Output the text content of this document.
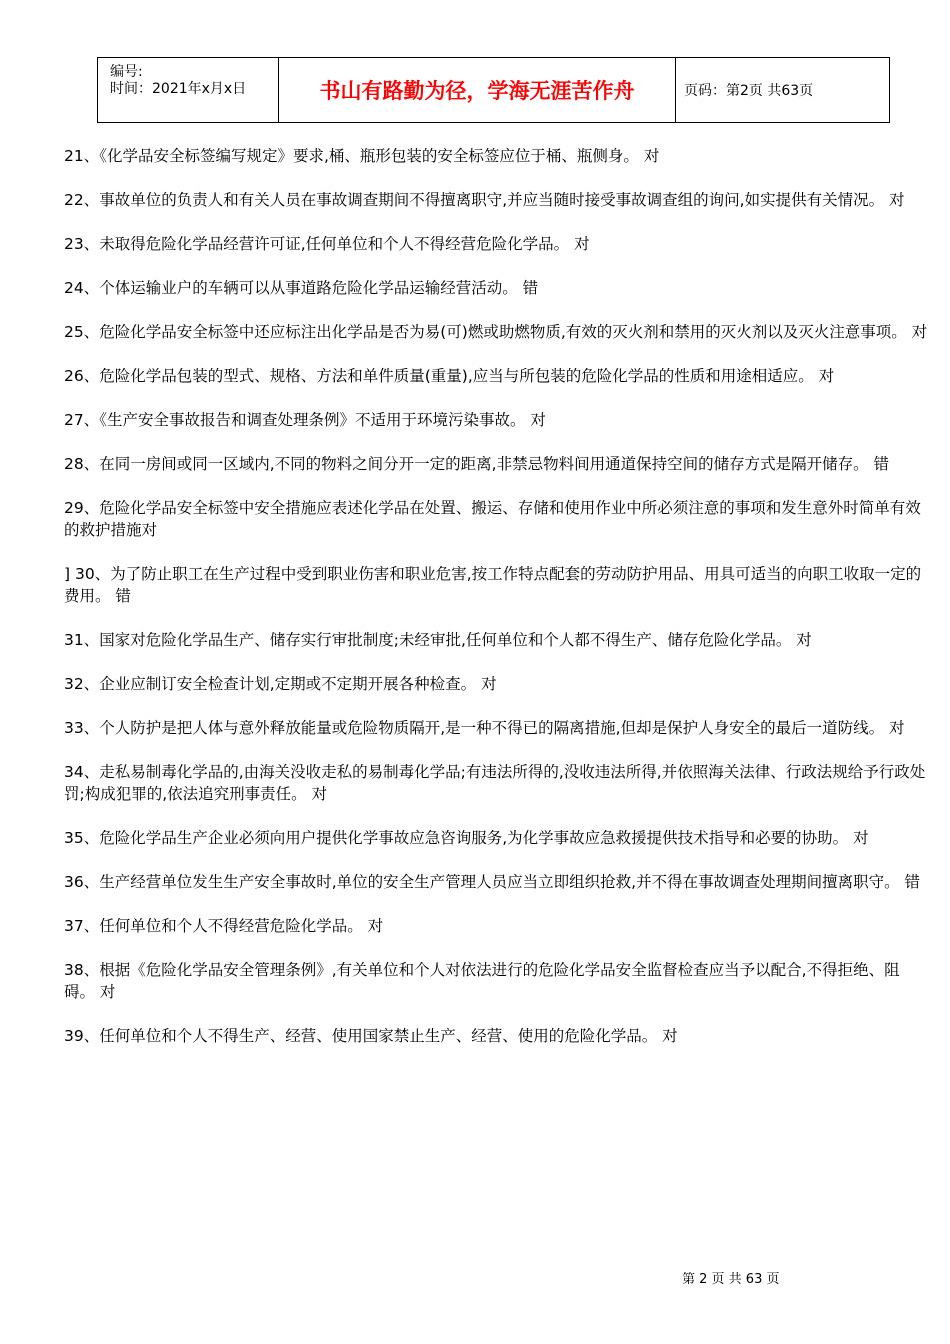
编号:
时间：2021年x月x日	书山有路勤为径，学海无涯苦作舟	页码：第2页 共63页

21、《化学品安全标签编写规定》要求,桶、瓶形包装的安全标签应位于桶、瓶侧身。 对

22、事故单位的负责人和有关人员在事故调查期间不得擅离职守,并应当随时接受事故调查组的询问,如实提供有关情况。 对

23、未取得危险化学品经营许可证,任何单位和个人不得经营危险化学品。 对

24、个体运输业户的车辆可以从事道路危险化学品运输经营活动。 错

25、危险化学品安全标签中还应标注出化学品是否为易(可)燃或助燃物质,有效的灭火剂和禁用的灭火剂以及灭火注意事项。 对

26、危险化学品包装的型式、规格、方法和单件质量(重量),应当与所包装的危险化学品的性质和用途相适应。 对

27、《生产安全事故报告和调查处理条例》不适用于环境污染事故。 对

28、在同一房间或同一区域内,不同的物料之间分开一定的距离,非禁忌物料间用通道保持空间的储存方式是隔开储存。 错

29、危险化学品安全标签中安全措施应表述化学品在处置、搬运、存储和使用作业中所必须注意的事项和发生意外时简单有效的救护措施对

] 30、为了防止职工在生产过程中受到职业伤害和职业危害,按工作特点配套的劳动防护用品、用具可适当的向职工收取一定的费用。 错

31、国家对危险化学品生产、储存实行审批制度;未经审批,任何单位和个人都不得生产、储存危险化学品。 对

32、企业应制订安全检查计划,定期或不定期开展各种检查。 对

33、个人防护是把人体与意外释放能量或危险物质隔开,是一种不得已的隔离措施,但却是保护人身安全的最后一道防线。 对

34、走私易制毒化学品的,由海关没收走私的易制毒化学品;有违法所得的,没收违法所得,并依照海关法律、行政法规给予行政处罚;构成犯罪的,依法追究刑事责任。 对

35、危险化学品生产企业必须向用户提供化学事故应急咨询服务,为化学事故应急救援提供技术指导和必要的协助。 对

36、生产经营单位发生生产安全事故时,单位的安全生产管理人员应当立即组织抢救,并不得在事故调查处理期间擅离职守。 错

37、任何单位和个人不得经营危险化学品。 对

38、根据《危险化学品安全管理条例》,有关单位和个人对依法进行的危险化学品安全监督检查应当予以配合,不得拒绝、阻碍。 对

39、任何单位和个人不得生产、经营、使用国家禁止生产、经营、使用的危险化学品。 对

第 2 页 共 63 页
